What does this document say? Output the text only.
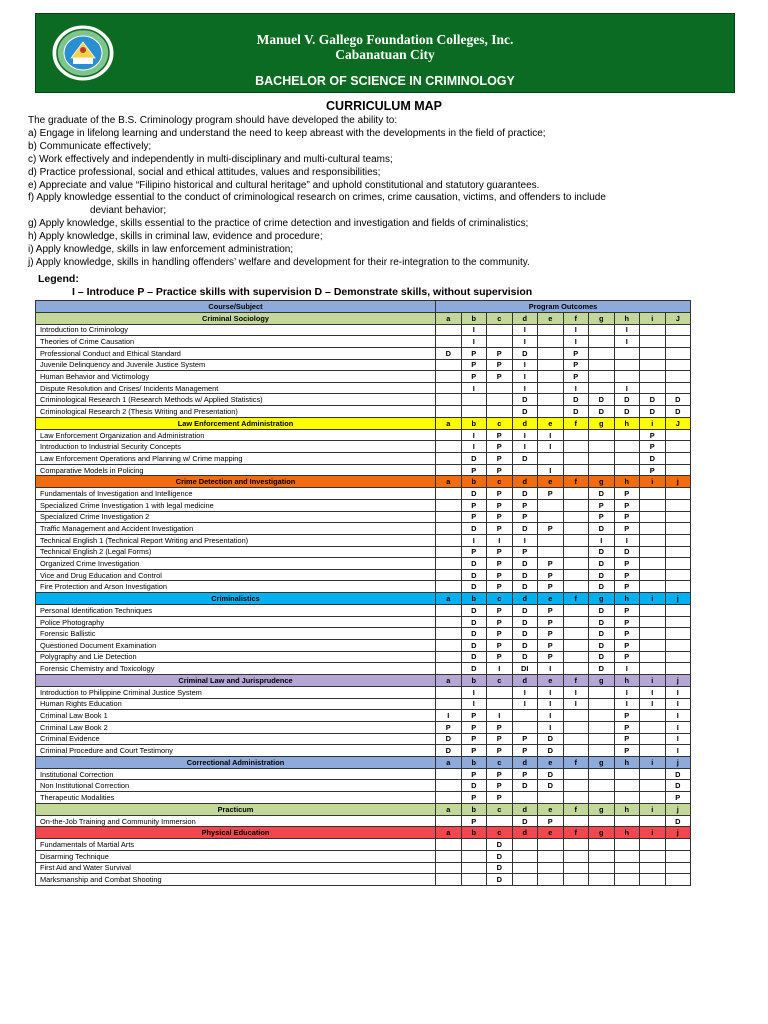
Manuel V. Gallego Foundation Colleges, Inc.
Cabanatuan City
BACHELOR OF SCIENCE IN CRIMINOLOGY
CURRICULUM MAP
The graduate of the B.S. Criminology program should have developed the ability to:
a) Engage in lifelong learning and understand the need to keep abreast with the developments in the field of practice;
b) Communicate effectively;
c) Work effectively and independently in multi-disciplinary and multi-cultural teams;
d) Practice professional, social and ethical attitudes, values and responsibilities;
e) Appreciate and value “Filipino historical and cultural heritage” and uphold constitutional and statutory guarantees.
f) Apply knowledge essential to the conduct of criminological research on crimes, crime causation, victims, and offenders to include
deviant behavior;
g) Apply knowledge, skills essential to the practice of crime detection and investigation and fields of criminalistics;
h) Apply knowledge, skills in criminal law, evidence and procedure;
i) Apply knowledge, skills in law enforcement administration;
j) Apply knowledge, skills in handling offenders’ welfare and development for their re-integration to the community.
Legend:
I – Introduce P – Practice skills with supervision D – Demonstrate skills, without supervision
Course/Subject	Program Outcomes									
Criminal Sociology	a	b	c	d	e	f	g	h	i	J
Introduction to Criminology		I		I		I		I		
Theories of Crime Causation		I		I		I		I		
Professional Conduct and Ethical Standard	D	P	P	D		P				
Juvenile Delinquency and Juvenile Justice System		P	P	I		P				
Human Behavior and Victimology		P	P	I		P				
Dispute Resolution and Crises/ Incidents Management		I		I		I		I		
Criminological Research 1 (Research Methods w/ Applied Statistics)				D		D	D	D	D	D
Criminological Research 2 (Thesis Writing and Presentation)				D		D	D	D	D	D
Law Enforcement Administration	a	b	c	d	e	f	g	h	i	J
Law Enforcement Organization and Administration		I	P	I	I				P	
Introduction to Industrial Security Concepts		I	P	I	I				P	
Law Enforcement Operations and Planning w/ Crime mapping		D	P	D					D	
Comparative Models in Policing		P	P		I				P	
Crime Detection and Investigation	a	b	c	d	e	f	g	h	i	j
Fundamentals of Investigation and Intelligence		D	P	D	P		D	P		
Specialized Crime Investigation 1 with legal medicine		P	P	P			P	P		
Specialized Crime Investigation 2		P	P	P			P	P		
Traffic Management and Accident Investigation		D	P	D	P		D	P		
Technical English 1 (Technical Report Writing and Presentation)		I	I	I			I	I		
Technical English 2 (Legal Forms)		P	P	P			D	D		
Organized Crime Investigation		D	P	D	P		D	P		
Vice and Drug Education and Control		D	P	D	P		D	P		
Fire Protection and Arson Investigation		D	P	D	P		D	P		
Criminalistics	a	b	c	d	e	f	g	h	i	j
Personal Identification Techniques		D	P	D	P		D	P		
Police Photography		D	P	D	P		D	P		
Forensic Ballistic		D	P	D	P		D	P		
Questioned Document Examination		D	P	D	P		D	P		
Polygraphy and Lie Detection		D	P	D	P		D	P		
Forensic Chemistry and Toxicology		D	I	DI	I		D	I		
Criminal Law and Jurisprudence	a	b	c	d	e	f	g	h	i	j
Introduction to Philippine Criminal Justice System		I		I	I	I		I	I	I
Human Rights Education		I		I	I	I		I	I	I
Criminal Law Book 1	I	P	I		I			P		I
Criminal Law Book 2	P	P	P		I			P		I
Criminal Evidence	D	P	P	P	D			P		I
Criminal Procedure and Court Testimony	D	P	P	P	D			P		I
Correctional Administration	a	b	c	d	e	f	g	h	i	j
Institutional Correction		P	P	P	D					D
Non Institutional Correction		D	P	D	D					D
Therapeutic Modalities		P	P							P
Practicum	a	b	c	d	e	f	g	h	i	j
On-the-Job Training and Community Immersion		P		D	P					D
Physical Education	a	b	c	d	e	f	g	h	i	j
Fundamentals of Martial Arts			D							
Disarming Technique			D							
First Aid and Water Survival			D							
Marksmanship and Combat Shooting			D							
